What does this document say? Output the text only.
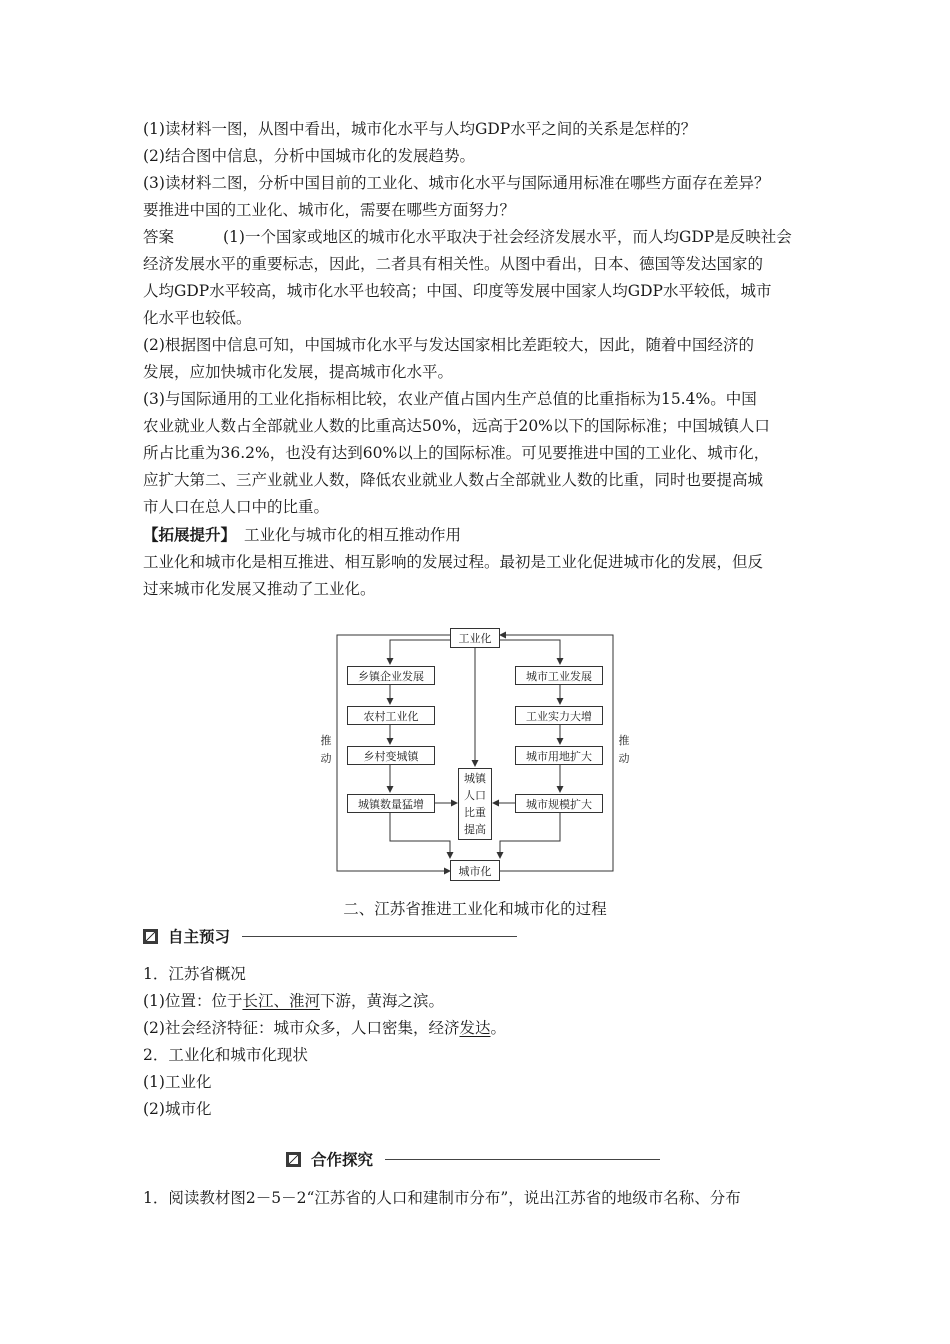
(1)读材料一图，从图中看出，城市化水平与人均GDP水平之间的关系是怎样的？
(2)结合图中信息，分析中国城市化的发展趋势。
(3)读材料二图，分析中国目前的工业化、城市化水平与国际通用标准在哪些方面存在差异？
要推进中国的工业化、城市化，需要在哪些方面努力？
答案	(1)一个国家或地区的城市化水平取决于社会经济发展水平，而人均GDP是反映社会
经济发展水平的重要标志，因此，二者具有相关性。从图中看出，日本、德国等发达国家的
人均GDP水平较高，城市化水平也较高；中国、印度等发展中国家人均GDP水平较低，城市
化水平也较低。
(2)根据图中信息可知，中国城市化水平与发达国家相比差距较大，因此，随着中国经济的
发展，应加快城市化发展，提高城市化水平。
(3)与国际通用的工业化指标相比较，农业产值占国内生产总值的比重指标为15.4%。中国
农业就业人数占全部就业人数的比重高达50%，远高于20%以下的国际标准；中国城镇人口
所占比重为36.2%，也没有达到60%以上的国际标准。可见要推进中国的工业化、城市化，
应扩大第二、三产业就业人数，降低农业就业人数占全部就业人数的比重，同时也要提高城
市人口在总人口中的比重。
【拓展提升】 工业化与城市化的相互推动作用
工业化和城市化是相互推进、相互影响的发展过程。最初是工业化促进城市化的发展，但反
过来城市化发展又推动了工业化。
工业化
乡镇企业发展
农村工业化
乡村变城镇
城镇数量猛增
城市工业发展
工业实力大增
城市用地扩大
城市规模扩大
城镇
人口
比重
提高
城市化
推
动
推
动
二、江苏省推进工业化和城市化的过程
自主预习
1．江苏省概况
(1)位置：位于长江、淮河下游，黄海之滨。
(2)社会经济特征：城市众多，人口密集，经济发达。
2．工业化和城市化现状
(1)工业化
(2)城市化
合作探究
1．阅读教材图2－5－2“江苏省的人口和建制市分布”，说出江苏省的地级市名称、分布
